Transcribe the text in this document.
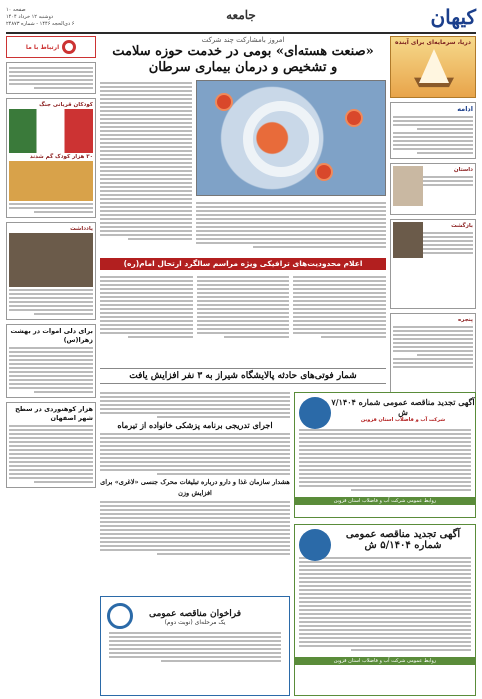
کیهان
جامعه
صفحه ۱۰
دوشنبه ۱۲ خرداد ۱۴۰۴
۶ ذی‌الحجه ۱۴۴۶ - شماره ۲۴۸۷۳
دریا، سرمایه‌ای برای آینده
ادامه
داستان
بازگشت
پنجره
ارتباط با ما
کودکان قربانی جنگ
۳۰ هزار کودک گم شدند
یادداشت
برای دلی اموات در بهشت زهرا(س)
هزار کوهنوردی در سطح شهر اصفهان
امروز بامشارکت چند شرکت
«صنعت هسته‌ای» بومی در خدمت حوزه سلامت
و تشخیص و درمان بیماری سرطان
اعلام محدودیت‌های ترافیکی ویژه مراسم سالگرد ارتحال امام(ره)
شمار فوتی‌های حادثه پالایشگاه شیراز به ۳ نفر افزایش یافت
اجرای تدریجی برنامه پزشکی خانواده از تیرماه
هشدار سازمان غذا و دارو درباره تبلیغات محرک جنسی «لاغری» برای افزایش وزن
آگهی تجدید مناقصه عمومی شماره ۷/۱۴۰۴ ش
شرکت آب و فاضلاب استان قزوین
روابط عمومی شرکت آب و فاضلاب استان قزوین
آگهی تجدید مناقصه عمومی
شماره ۵/۱۴۰۴ ش
روابط عمومی شرکت آب و فاضلاب استان قزوین
فراخوان مناقصه عمومی
یک مرحله‌ای (نوبت دوم)
